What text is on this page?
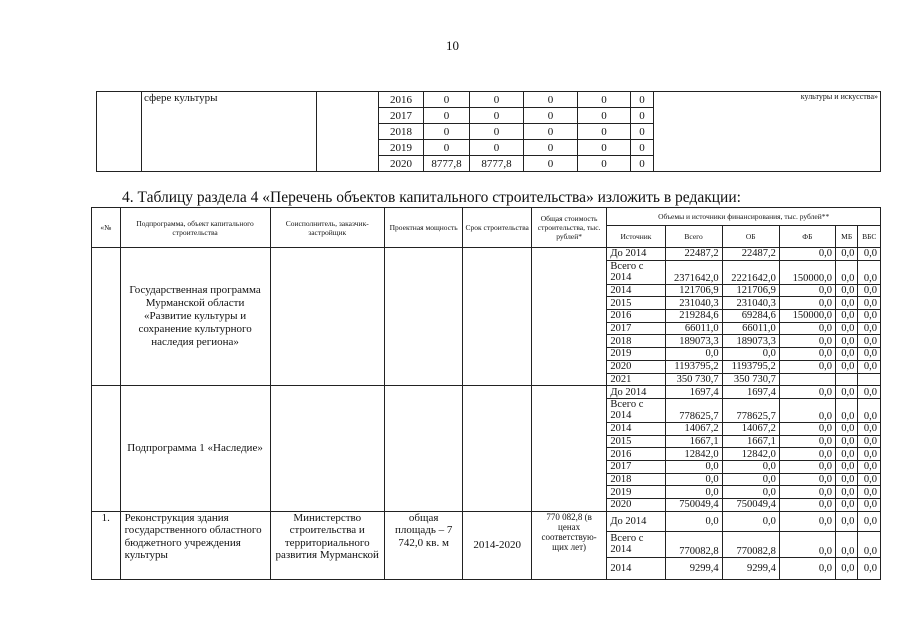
10
	сфере культуры		2016	0	0	0	0	0	культуры и искусства»
			2017	0	0	0	0	0	
			2018	0	0	0	0	0	
			2019	0	0	0	0	0	
			2020	8777,8	8777,8	0	0	0	
4. Таблицу раздела 4 «Перечень объектов капитального строительства» изложить в редакции:
«№	Подпрограмма, объект капитального строительства	Соисполнитель, заказчик-застройщик	Проектная мощность	Срок строительства	Общая стоимость строительства, тыс. рублей*	Объемы и источники финансирования, тыс. рублей**					
						Источник	Всего	ОБ	ФБ	МБ	ВБС
	Государственная программа Мурманской области «Развитие культуры и сохранение культурного наследия региона»					До 2014	22487,2	22487,2	0,0	0,0	0,0
						Всего с 2014	2371642,0	2221642,0	150000,0	0,0	0,0
						2014	121706,9	121706,9	0,0	0,0	0,0
						2015	231040,3	231040,3	0,0	0,0	0,0
						2016	219284,6	69284,6	150000,0	0,0	0,0
						2017	66011,0	66011,0	0,0	0,0	0,0
						2018	189073,3	189073,3	0,0	0,0	0,0
						2019	0,0	0,0	0,0	0,0	0,0
						2020	1193795,2	1193795,2	0,0	0,0	0,0
						2021	350 730,7	350 730,7			
	Подпрограмма 1 «Наследие»					До 2014	1697,4	1697,4	0,0	0,0	0,0
						Всего с 2014	778625,7	778625,7	0,0	0,0	0,0
						2014	14067,2	14067,2	0,0	0,0	0,0
						2015	1667,1	1667,1	0,0	0,0	0,0
						2016	12842,0	12842,0	0,0	0,0	0,0
						2017	0,0	0,0	0,0	0,0	0,0
						2018	0,0	0,0	0,0	0,0	0,0
						2019	0,0	0,0	0,0	0,0	0,0
						2020	750049,4	750049,4	0,0	0,0	0,0
1.	Реконструкция здания государственного областного бюджетного учреждения культуры	Министерство строительства и территориального развития Мурманской	общая площадь – 7 742,0 кв. м	2014-2020	770 082,8 (в ценах соответствую-щих лет)	До 2014	0,0	0,0	0,0	0,0	0,0
						Всего с 2014	770082,8	770082,8	0,0	0,0	0,0
						2014	9299,4	9299,4	0,0	0,0	0,0
